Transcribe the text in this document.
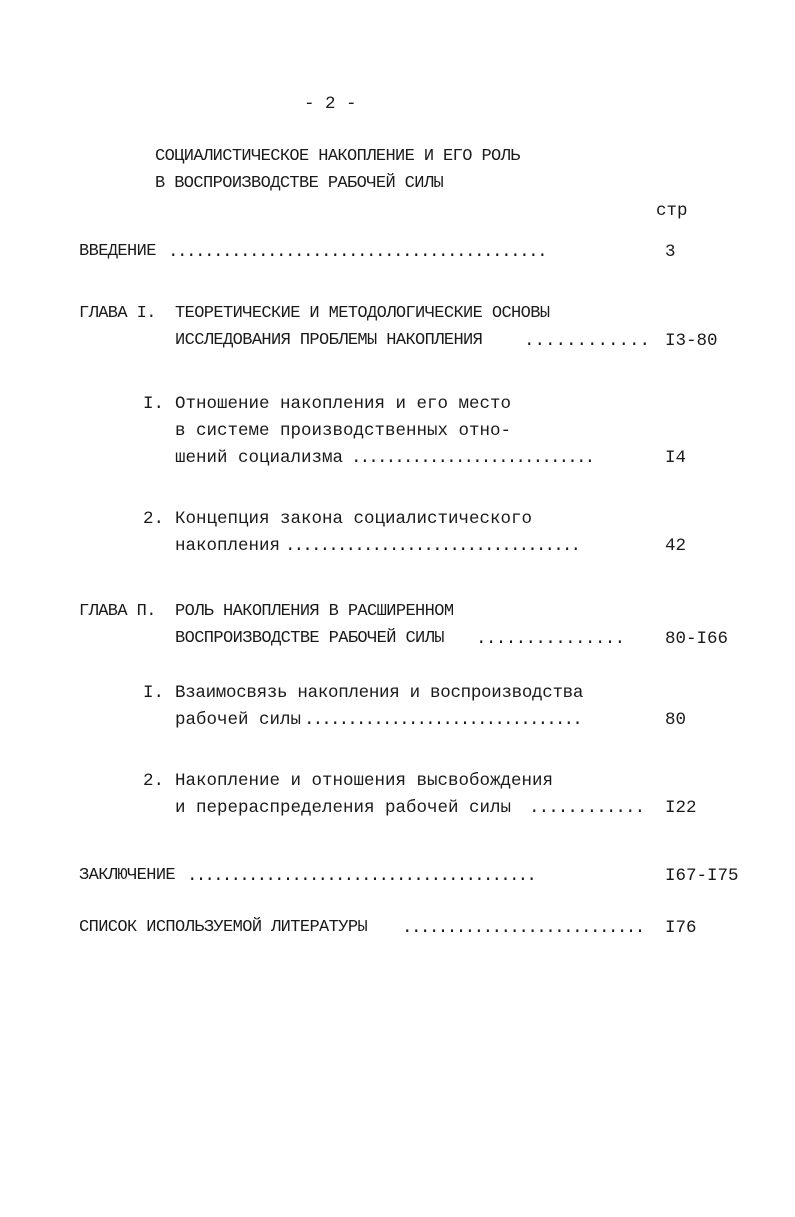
- 2 -
СОЦИАЛИСТИЧЕСКОЕ НАКОПЛЕНИЕ И ЕГО РОЛЬ
В ВОСПРОИЗВОДСТВЕ РАБОЧЕЙ СИЛЫ
стр
ВВЕДЕНИЕ ..........................................	3
ГЛАВА I. ТЕОРЕТИЧЕСКИЕ И МЕТОДОЛОГИЧЕСКИЕ ОСНОВЫ
ИССЛЕДОВАНИЯ ПРОБЛЕМЫ НАКОПЛЕНИЯ ............ I3-80
I. Отношение накопления и его место
в системе производственных отно-
шений социализма ............................	I4
2. Концепция закона социалистического
накопления ..................................	42
ГЛАВА П. РОЛЬ НАКОПЛЕНИЯ В РАСШИРЕННОМ
ВОСПРОИЗВОДСТВЕ РАБОЧЕЙ СИЛЫ ............... 80-I66
I. Взаимосвязь накопления и воспроизводства
рабочей силы ................................	80
2. Накопление и отношения высвобождения
и перераспределения рабочей силы ............ I22
ЗАКЛЮЧЕНИЕ ........................................	I67-I75
СПИСОК ИСПОЛЬЗУЕМОЙ ЛИТЕРАТУРЫ ........................... I76
